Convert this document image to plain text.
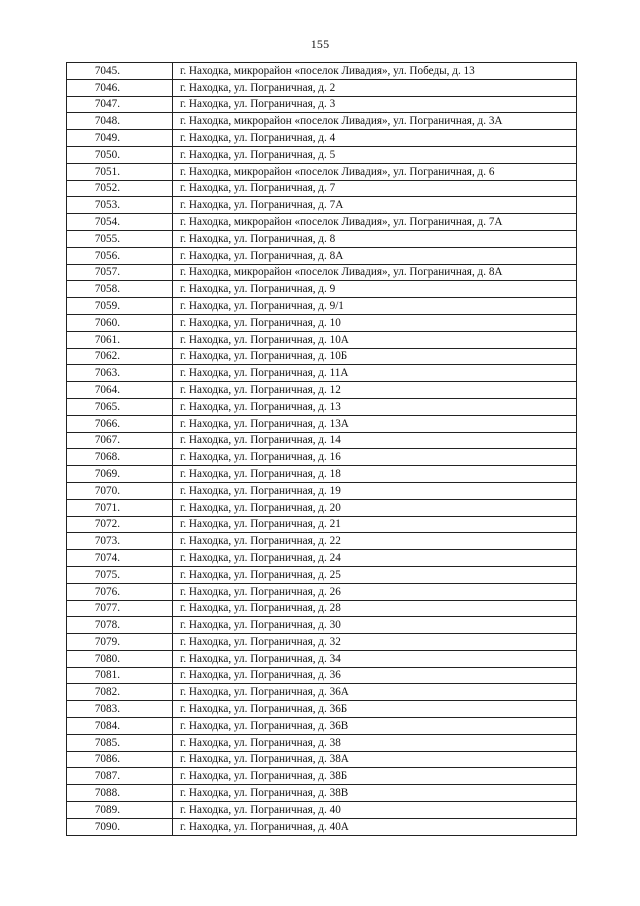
155
7045.	г. Находка, микрорайон «поселок Ливадия», ул. Победы, д. 13
7046.	г. Находка, ул. Пограничная, д. 2
7047.	г. Находка, ул. Пограничная, д. 3
7048.	г. Находка, микрорайон «поселок Ливадия», ул. Пограничная, д. 3А
7049.	г. Находка, ул. Пограничная, д. 4
7050.	г. Находка, ул. Пограничная, д. 5
7051.	г. Находка, микрорайон «поселок Ливадия», ул. Пограничная, д. 6
7052.	г. Находка, ул. Пограничная, д. 7
7053.	г. Находка, ул. Пограничная, д. 7А
7054.	г. Находка, микрорайон «поселок Ливадия», ул. Пограничная, д. 7А
7055.	г. Находка, ул. Пограничная, д. 8
7056.	г. Находка, ул. Пограничная, д. 8А
7057.	г. Находка, микрорайон «поселок Ливадия», ул. Пограничная, д. 8А
7058.	г. Находка, ул. Пограничная, д. 9
7059.	г. Находка, ул. Пограничная, д. 9/1
7060.	г. Находка, ул. Пограничная, д. 10
7061.	г. Находка, ул. Пограничная, д. 10А
7062.	г. Находка, ул. Пограничная, д. 10Б
7063.	г. Находка, ул. Пограничная, д. 11А
7064.	г. Находка, ул. Пограничная, д. 12
7065.	г. Находка, ул. Пограничная, д. 13
7066.	г. Находка, ул. Пограничная, д. 13А
7067.	г. Находка, ул. Пограничная, д. 14
7068.	г. Находка, ул. Пограничная, д. 16
7069.	г. Находка, ул. Пограничная, д. 18
7070.	г. Находка, ул. Пограничная, д. 19
7071.	г. Находка, ул. Пограничная, д. 20
7072.	г. Находка, ул. Пограничная, д. 21
7073.	г. Находка, ул. Пограничная, д. 22
7074.	г. Находка, ул. Пограничная, д. 24
7075.	г. Находка, ул. Пограничная, д. 25
7076.	г. Находка, ул. Пограничная, д. 26
7077.	г. Находка, ул. Пограничная, д. 28
7078.	г. Находка, ул. Пограничная, д. 30
7079.	г. Находка, ул. Пограничная, д. 32
7080.	г. Находка, ул. Пограничная, д. 34
7081.	г. Находка, ул. Пограничная, д. 36
7082.	г. Находка, ул. Пограничная, д. 36А
7083.	г. Находка, ул. Пограничная, д. 36Б
7084.	г. Находка, ул. Пограничная, д. 36В
7085.	г. Находка, ул. Пограничная, д. 38
7086.	г. Находка, ул. Пограничная, д. 38А
7087.	г. Находка, ул. Пограничная, д. 38Б
7088.	г. Находка, ул. Пограничная, д. 38В
7089.	г. Находка, ул. Пограничная, д. 40
7090.	г. Находка, ул. Пограничная, д. 40А
